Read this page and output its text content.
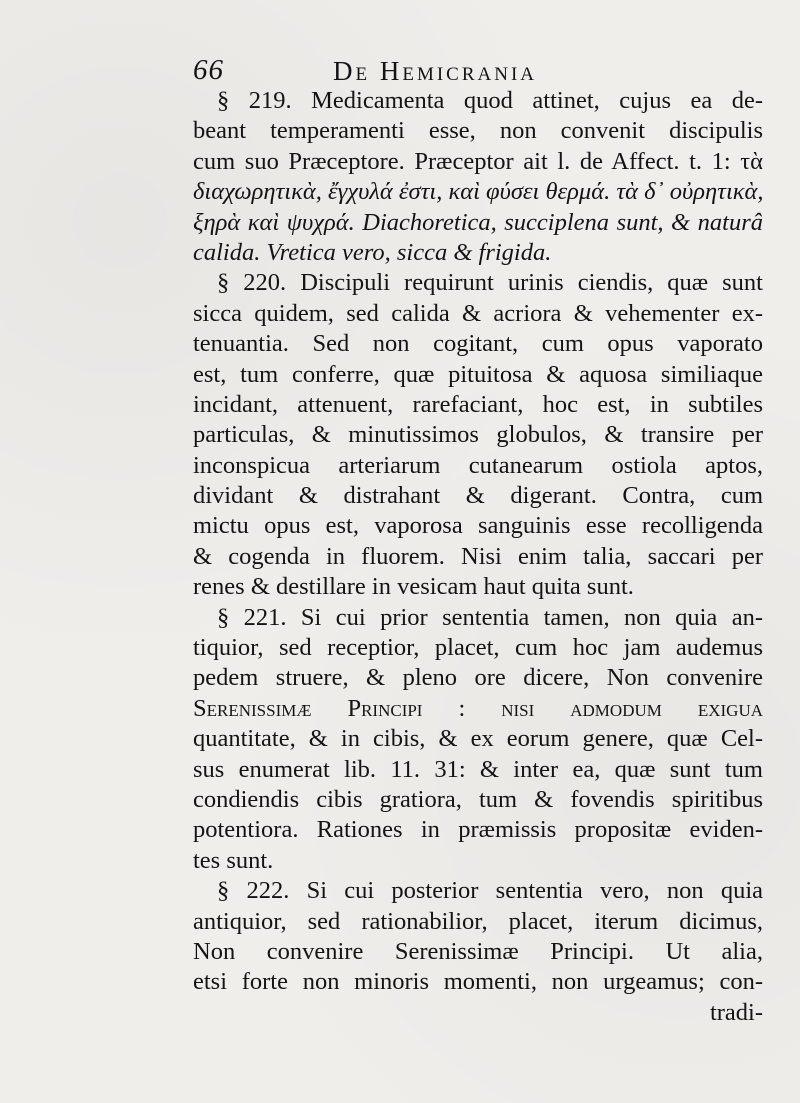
66	De Hemicrania
§ 219. Medicamenta quod attinet, cujus ea de-
beant temperamenti esse, non convenit discipulis
cum suo Præceptore. Præceptor ait l. de Affect. t. 1: τὰ
διαχωρητικὰ, ἔγχυλά ἐστι, καὶ φύσει θερμά. τὰ δ᾽ οὐρητικὰ,
ξηρὰ καὶ ψυχρά. Diachoretica, succiplena sunt, & naturâ
calida. Vretica vero, sicca & frigida.
§ 220. Discipuli requirunt urinis ciendis, quæ sunt
sicca quidem, sed calida & acriora & vehementer ex-
tenuantia. Sed non cogitant, cum opus vaporato
est, tum conferre, quæ pituitosa & aquosa similiaque
incidant, attenuent, rarefaciant, hoc est, in subtiles
particulas, & minutissimos globulos, & transire per
inconspicua arteriarum cutanearum ostiola aptos,
dividant & distrahant & digerant. Contra, cum
mictu opus est, vaporosa sanguinis esse recolligenda
& cogenda in fluorem. Nisi enim talia, saccari per
renes & destillare in vesicam haut quita sunt.
§ 221. Si cui prior sententia tamen, non quia an-
tiquior, sed receptior, placet, cum hoc jam audemus
pedem struere, & pleno ore dicere, Non convenire
Serenissimæ Principi : nisi admodum exigua
quantitate, & in cibis, & ex eorum genere, quæ Cel-
sus enumerat lib. 11. 31: & inter ea, quæ sunt tum
condiendis cibis gratiora, tum & fovendis spiritibus
potentiora. Rationes in præmissis propositæ eviden-
tes sunt.
§ 222. Si cui posterior sententia vero, non quia
antiquior, sed rationabilior, placet, iterum dicimus,
Non convenire Serenissimæ Principi. Ut alia,
etsi forte non minoris momenti, non urgeamus; con-
tradi-
